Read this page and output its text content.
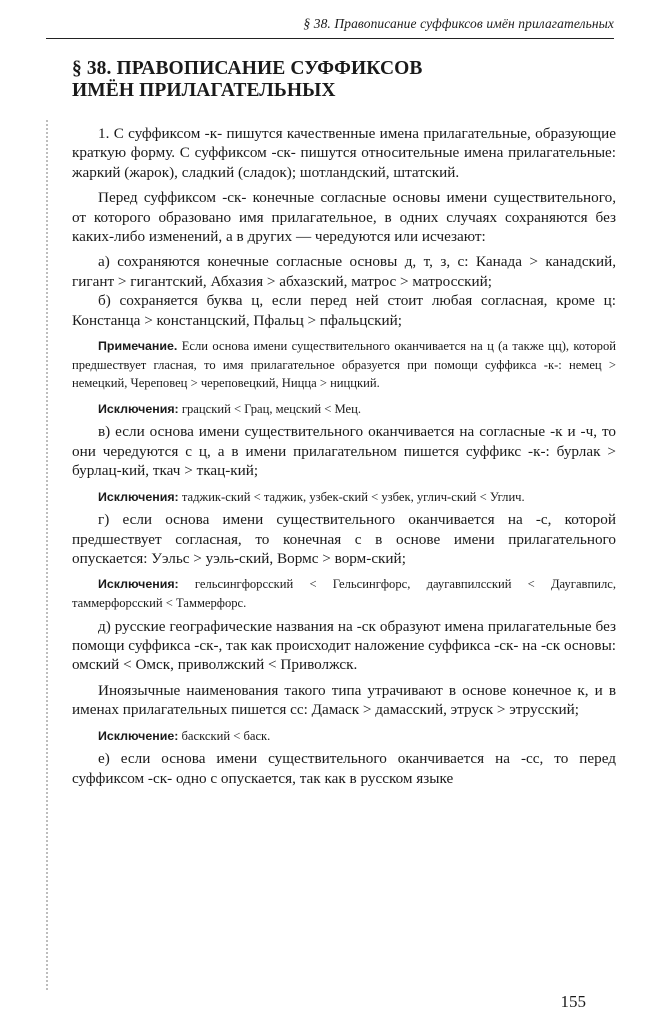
§ 38. Правописание суффиксов имён прилагательных
§ 38. ПРАВОПИСАНИЕ СУФФИКСОВ
ИМЁН ПРИЛАГАТЕЛЬНЫХ

1. С суффиксом -к- пишутся качественные имена прилагательные, образующие краткую форму. С суффиксом -ск- пишутся относительные имена прилагательные: жаркий (жарок), сладкий (сладок); шотландский, штатский.

Перед суффиксом -ск- конечные согласные основы имени существительного, от которого образовано имя прилагательное, в одних случаях сохраняются без каких-либо изменений, а в других — чередуются или исчезают:

а) сохраняются конечные согласные основы д, т, з, с: Канада > канадский, гигант > гигантский, Абхазия > абхазский, матрос > матросский;

б) сохраняется буква ц, если перед ней стоит любая согласная, кроме ц: Констанца > констанцский, Пфальц > пфальцский;

Примечание. Если основа имени существительного оканчивается на ц (а также цц), которой предшествует гласная, то имя прилагательное образуется при помощи суффикса -к-: немец > немецкий, Череповец > череповецкий, Ницца > ниццкий.

Исключения: грацский < Грац, мецский < Мец.

в) если основа имени существительного оканчивается на согласные -к и -ч, то они чередуются с ц, а в имени прилагательном пишется суффикс -к-: бурлак > бурлац-кий, ткач > ткац-кий;

Исключения: таджик-ский < таджик, узбек-ский < узбек, углич-ский < Углич.

г) если основа имени существительного оканчивается на -с, которой предшествует согласная, то конечная с в основе имени прилагательного опускается: Уэльс > уэль-ский, Вормс > ворм-ский;

Исключения: гельсингфорсский < Гельсингфорс, даугавпилсский < Даугавпилс, таммерфорсский < Таммерфорс.

д) русские географические названия на -ск образуют имена прилагательные без помощи суффикса -ск-, так как происходит наложение суффикса -ск- на -ск основы: омский < Омск, приволжский < Приволжск.

Иноязычные наименования такого типа утрачивают в основе конечное к, и в именах прилагательных пишется сс: Дамаск > дамасский, этруск > этрусский;

Исключение: баскский < баск.

е) если основа имени существительного оканчивается на -сс, то перед суффиксом -ск- одно с опускается, так как в русском языке

155
